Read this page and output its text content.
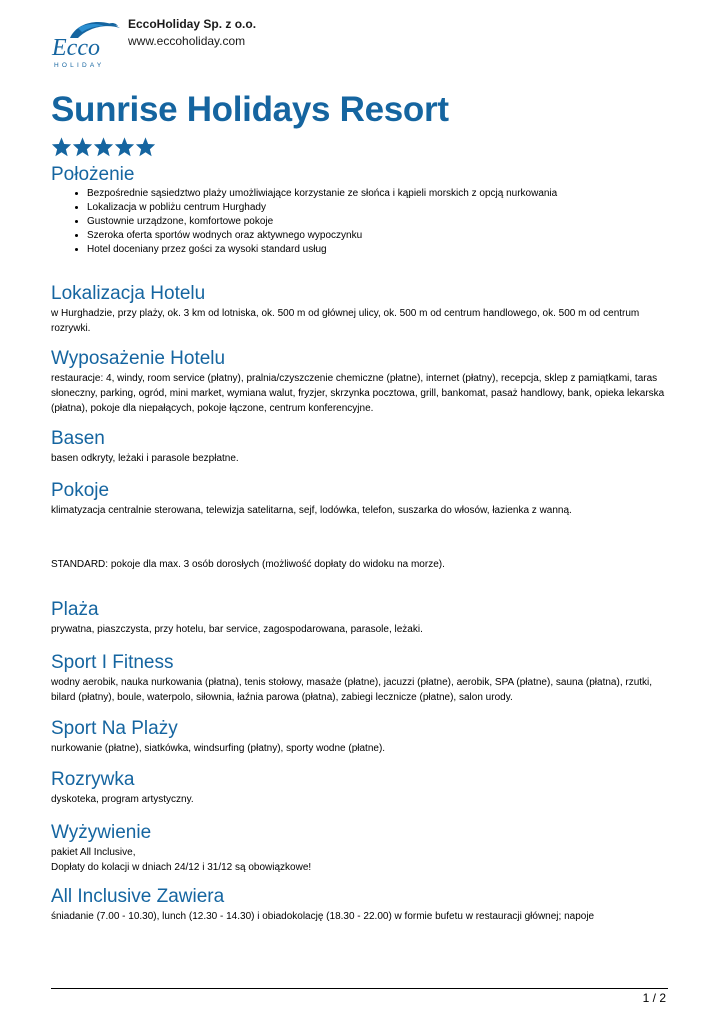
Ecco
HOLIDAY
EccoHoliday Sp. z o.o.
www.eccoholiday.com
Sunrise Holidays Resort
Położenie
• Bezpośrednie sąsiedztwo plaży umożliwiające korzystanie ze słońca i kąpieli morskich z opcją nurkowania
• Lokalizacja w pobliżu centrum Hurghady
• Gustownie urządzone, komfortowe pokoje
• Szeroka oferta sportów wodnych oraz aktywnego wypoczynku
• Hotel doceniany przez gości za wysoki standard usług
Lokalizacja Hotelu

w Hurghadzie, przy plaży, ok. 3 km od lotniska, ok. 500 m od głównej ulicy, ok. 500 m od centrum handlowego, ok. 500 m od centrum rozrywki.

Wyposażenie Hotelu

restauracje: 4, windy, room service (płatny), pralnia/czyszczenie chemiczne (płatne), internet (płatny), recepcja, sklep z pamiątkami, taras słoneczny, parking, ogród, mini market, wymiana walut, fryzjer, skrzynka pocztowa, grill, bankomat, pasaż handlowy, bank, opieka lekarska (płatna), pokoje dla niepałących, pokoje łączone, centrum konferencyjne.

Basen

basen odkryty, leżaki i parasole bezpłatne.

Pokoje

klimatyzacja centralnie sterowana, telewizja satelitarna, sejf, lodówka, telefon, suszarka do włosów, łazienka z wanną.

STANDARD: pokoje dla max. 3 osób dorosłych (możliwość dopłaty do widoku na morze).

Plaża

prywatna, piaszczysta, przy hotelu, bar service, zagospodarowana, parasole, leżaki.

Sport I Fitness

wodny aerobik, nauka nurkowania (płatna), tenis stołowy, masaże (płatne), jacuzzi (płatne), aerobik, SPA (płatne), sauna (płatna), rzutki, bilard (płatny), boule, waterpolo, siłownia, łaźnia parowa (płatna), zabiegi lecznicze (płatne), salon urody.

Sport Na Plaży

nurkowanie (płatne), siatkówka, windsurfing (płatny), sporty wodne (płatne).

Rozrywka

dyskoteka, program artystyczny.

Wyżywienie

pakiet All Inclusive,

Dopłaty do kolacji w dniach 24/12 i 31/12 są obowiązkowe!

All Inclusive Zawiera

śniadanie (7.00 - 10.30), lunch (12.30 - 14.30) i obiadokolację (18.30 - 22.00) w formie bufetu w restauracji głównej; napoje

1 / 2
